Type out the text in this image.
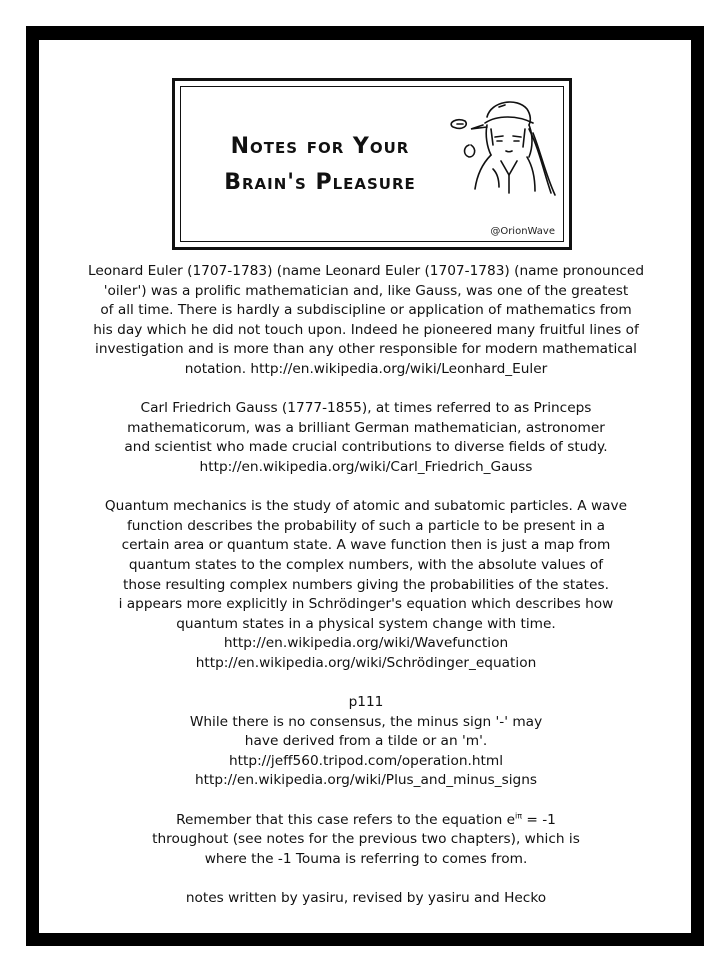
Notes for Your
Brain's Pleasure
@OrionWave
Leonard Euler (1707-1783) (name Leonard Euler (1707-1783) (name pronounced
'oiler') was a prolific mathematician and, like Gauss, was one of the greatest
of all time. There is hardly a subdiscipline or application of mathematics from
his day which he did not touch upon. Indeed he pioneered many fruitful lines of
investigation and is more than any other responsible for modern mathematical
notation. http://en.wikipedia.org/wiki/Leonhard_Euler
Carl Friedrich Gauss (1777-1855), at times referred to as Princeps
mathematicorum, was a brilliant German mathematician, astronomer
and scientist who made crucial contributions to diverse fields of study.
http://en.wikipedia.org/wiki/Carl_Friedrich_Gauss
Quantum mechanics is the study of atomic and subatomic particles. A wave
function describes the probability of such a particle to be present in a
certain area or quantum state. A wave function then is just a map from
quantum states to the complex numbers, with the absolute values of
those resulting complex numbers giving the probabilities of the states.
i appears more explicitly in Schrödinger's equation which describes how
quantum states in a physical system change with time.
http://en.wikipedia.org/wiki/Wavefunction
http://en.wikipedia.org/wiki/Schrödinger_equation
p111
While there is no consensus, the minus sign '-' may
have derived from a tilde or an 'm'.
http://jeff560.tripod.com/operation.html
http://en.wikipedia.org/wiki/Plus_and_minus_signs
Remember that this case refers to the equation $e^{i\pi} = -1$
throughout (see notes for the previous two chapters), which is
where the -1 Touma is referring to comes from.
notes written by yasiru, revised by yasiru and Hecko
